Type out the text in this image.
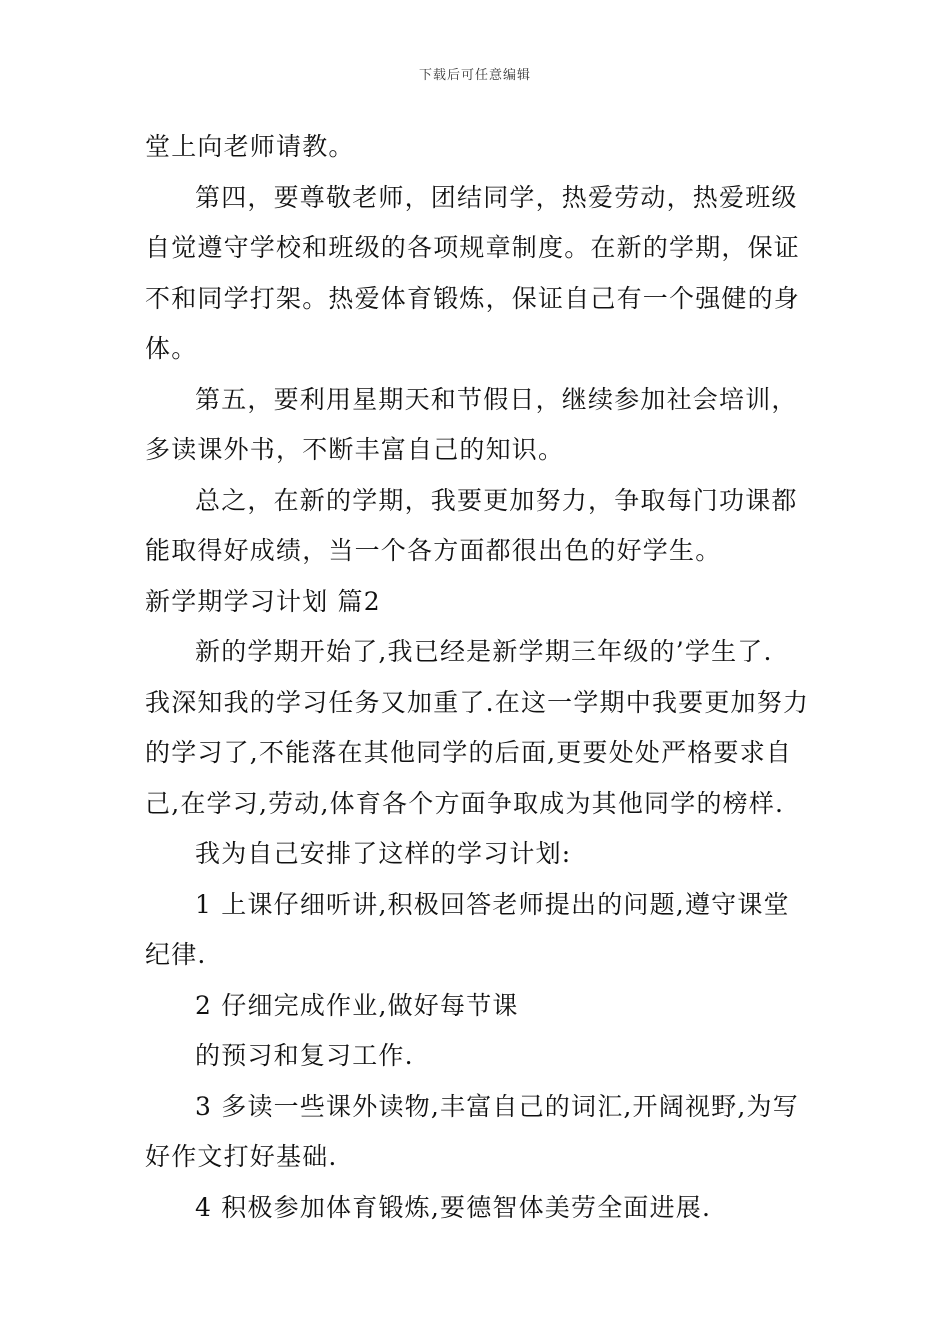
下载后可任意编辑

堂上向老师请教。

第四，要尊敬老师，团结同学，热爱劳动，热爱班级

自觉遵守学校和班级的各项规章制度。在新的学期，保证

不和同学打架。热爱体育锻炼，保证自己有一个强健的身

体。

第五，要利用星期天和节假日，继续参加社会培训，

多读课外书，不断丰富自己的知识。

总之，在新的学期，我要更加努力，争取每门功课都

能取得好成绩，当一个各方面都很出色的好学生。

新学期学习计划 篇2

新的学期开始了,我已经是新学期三年级的’学生了.

我深知我的学习任务又加重了.在这一学期中我要更加努力

的学习了,不能落在其他同学的后面,更要处处严格要求自

己,在学习,劳动,体育各个方面争取成为其他同学的榜样.

我为自己安排了这样的学习计划:

1 上课仔细听讲,积极回答老师提出的问题,遵守课堂

纪律.

2 仔细完成作业,做好每节课

的预习和复习工作.

3 多读一些课外读物,丰富自己的词汇,开阔视野,为写

好作文打好基础.

4 积极参加体育锻炼,要德智体美劳全面进展.
